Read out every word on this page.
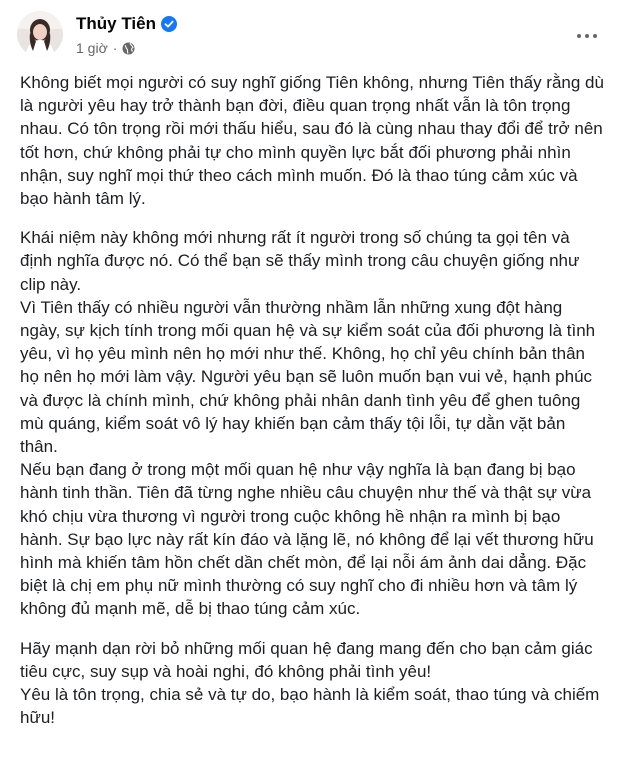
Thủy Tiên
1 giờ ·

Không biết mọi người có suy nghĩ giống Tiên không, nhưng Tiên thấy rằng dù là người yêu hay trở thành bạn đời, điều quan trọng nhất vẫn là tôn trọng nhau. Có tôn trọng rồi mới thấu hiểu, sau đó là cùng nhau thay đổi để trở nên tốt hơn, chứ không phải tự cho mình quyền lực bắt đối phương phải nhìn nhận, suy nghĩ mọi thứ theo cách mình muốn. Đó là thao túng cảm xúc và bạo hành tâm lý.

Khái niệm này không mới nhưng rất ít người trong số chúng ta gọi tên và định nghĩa được nó. Có thể bạn sẽ thấy mình trong câu chuyện giống như clip này.
Vì Tiên thấy có nhiều người vẫn thường nhầm lẫn những xung đột hàng ngày, sự kịch tính trong mối quan hệ và sự kiểm soát của đối phương là tình yêu, vì họ yêu mình nên họ mới như thế. Không, họ chỉ yêu chính bản thân họ nên họ mới làm vậy. Người yêu bạn sẽ luôn muốn bạn vui vẻ, hạnh phúc và được là chính mình, chứ không phải nhân danh tình yêu để ghen tuông mù quáng, kiểm soát vô lý hay khiến bạn cảm thấy tội lỗi, tự dằn vặt bản thân.
Nếu bạn đang ở trong một mối quan hệ như vậy nghĩa là bạn đang bị bạo hành tinh thần. Tiên đã từng nghe nhiều câu chuyện như thế và thật sự vừa khó chịu vừa thương vì người trong cuộc không hề nhận ra mình bị bạo hành. Sự bạo lực này rất kín đáo và lặng lẽ, nó không để lại vết thương hữu hình mà khiến tâm hồn chết dần chết mòn, để lại nỗi ám ảnh dai dẳng. Đặc biệt là chị em phụ nữ mình thường có suy nghĩ cho đi nhiều hơn và tâm lý không đủ mạnh mẽ, dễ bị thao túng cảm xúc.

Hãy mạnh dạn rời bỏ những mối quan hệ đang mang đến cho bạn cảm giác tiêu cực, suy sụp và hoài nghi, đó không phải tình yêu!
Yêu là tôn trọng, chia sẻ và tự do, bạo hành là kiểm soát, thao túng và chiếm hữu!
